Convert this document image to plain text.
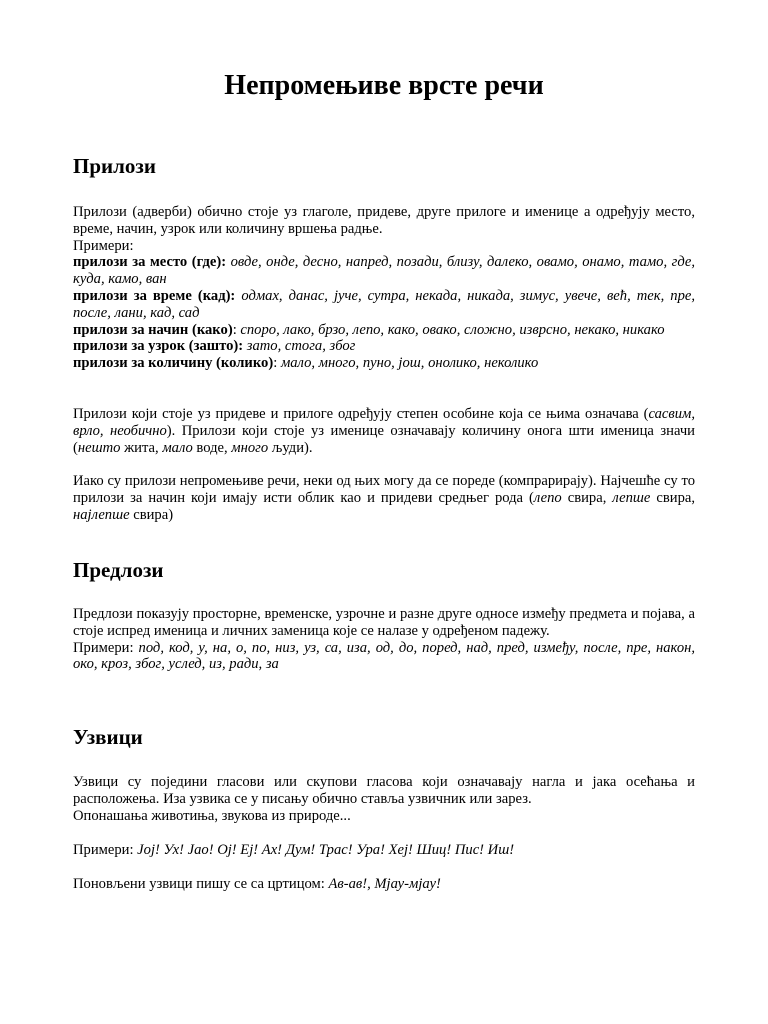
Непромењиве врсте речи
Прилози
Прилози (адверби) обично стоје уз глаголе, придеве, друге прилоге и именице а одређују место, време, начин, узрок или количину вршења радње.
Примери:
прилози за место (где): овде, онде, десно, напред, позади, близу, далеко, овамо, онамо, тамо, где, куда, камо, ван
прилози за време (кад): одмах, данас, јуче, сутра, некада, никада, зимус, увече, већ, тек, пре, после, лани, кад, сад
прилози за начин (како): споро, лако, брзо, лепо, како, овако, сложно, изврсно, некако, никако
прилози за узрок (зашто): зато, стога, због
прилози за количину (колико): мало, много, пуно, још, онолико, неколико
Прилози који стоје уз придеве и прилоге одређују степен особине која се њима означава (сасвим, врло, необично). Прилози који стоје уз именице означавају количину онога шти именица значи (нешто жита, мало воде, много људи).
Иако су прилози непромењиве речи, неки од њих могу да се пореде (компрарирају). Најчешће су то прилози за начин који имају исти облик као и придеви средњег рода (лепо свира, лепше свира, најлепше свира)
Предлози
Предлози показују просторне, временске, узрочне и разне друге односе између предмета и појава, а стоје испред именица и личних заменица које се налазе у одређеном падежу.
Примери: под, код, у, на, о, по, низ, уз, са, иза, од, до, поред, над, пред, између, после, пре, након, око, кроз, због, услед, из, ради, за
Узвици
Узвици су поједини гласови или скупови гласова који означавају нагла и јака осећања и расположења. Иза узвика се у писању обично ставља узвичник или зарез.
Опонашања животиња, звукова из природе...
Примери: Јој! Ух! Јао! Ој! Еј! Ах! Дум! Трас! Ура! Хеј! Шиц! Пис! Иш!
Поновљени узвици пишу се са цртицом: Ав-ав!, Мјау-мјау!
